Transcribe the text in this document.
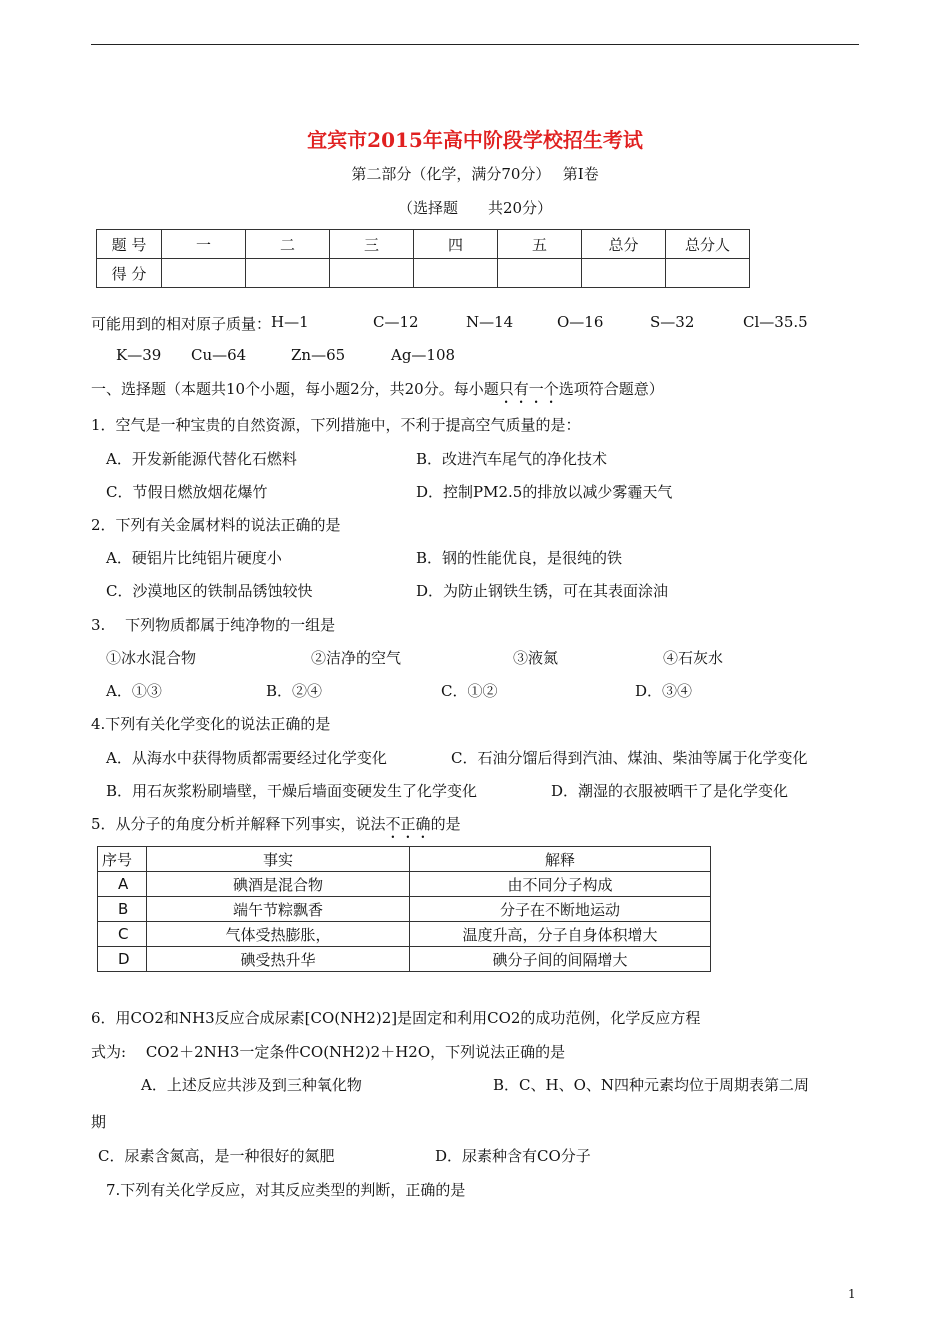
宜宾市2015年高中阶段学校招生考试
第二部分（化学，满分70分）　 第Ⅰ卷
（选择题　　共20分）
题 号	一	二	三	四	五	总分	总分人
得 分							
可能用到的相对原子质量： H—1	C—12	N—14	O—16	S—32	Cl—35.5
K—39 Cu—64	Zn—65	Ag—108
一、选择题（本题共10个小题，每小题2分，共20分。每小题只有一个选项符合题意）
1．空气是一种宝贵的自然资源，下列措施中，不利于提高空气质量的是：
A．开发新能源代替化石燃料	B．改进汽车尾气的净化技术
C．节假日燃放烟花爆竹	D．控制PM2.5的排放以减少雾霾天气
2．下列有关金属材料的说法正确的是
A．硬铝片比纯铝片硬度小	B．钢的性能优良，是很纯的铁
C．沙漠地区的铁制品锈蚀较快	D．为防止钢铁生锈，可在其表面涂油
3.　 下列物质都属于纯净物的一组是
①冰水混合物	②洁净的空气	③液氮	④石灰水
A．①③	B．②④	C．①②	D．③④
4.下列有关化学变化的说法正确的是
A．从海水中获得物质都需要经过化学变化	C．石油分馏后得到汽油、煤油、柴油等属于化学变化
B．用石灰浆粉刷墙壁，干燥后墙面变硬发生了化学变化	D．潮湿的衣服被晒干了是化学变化
5．从分子的角度分析并解释下列事实，说法不正确的是
序号	事实	解释
A	碘酒是混合物	由不同分子构成
B	端午节粽飘香	分子在不断地运动
C	气体受热膨胀，	温度升高，分子自身体积增大
D	碘受热升华	碘分子间的间隔增大
6．用CO2和NH3反应合成尿素[CO(NH2)2]是固定和利用CO2的成功范例，化学反应方程
式为:　 CO2＋2NH3一定条件CO(NH2)2＋H2O，下列说法正确的是
A．上述反应共涉及到三种氧化物	B．C、H、O、N四种元素均位于周期表第二周
期
C．尿素含氮高，是一种很好的氮肥	D．尿素种含有CO分子
7.下列有关化学反应，对其反应类型的判断，正确的是
1
